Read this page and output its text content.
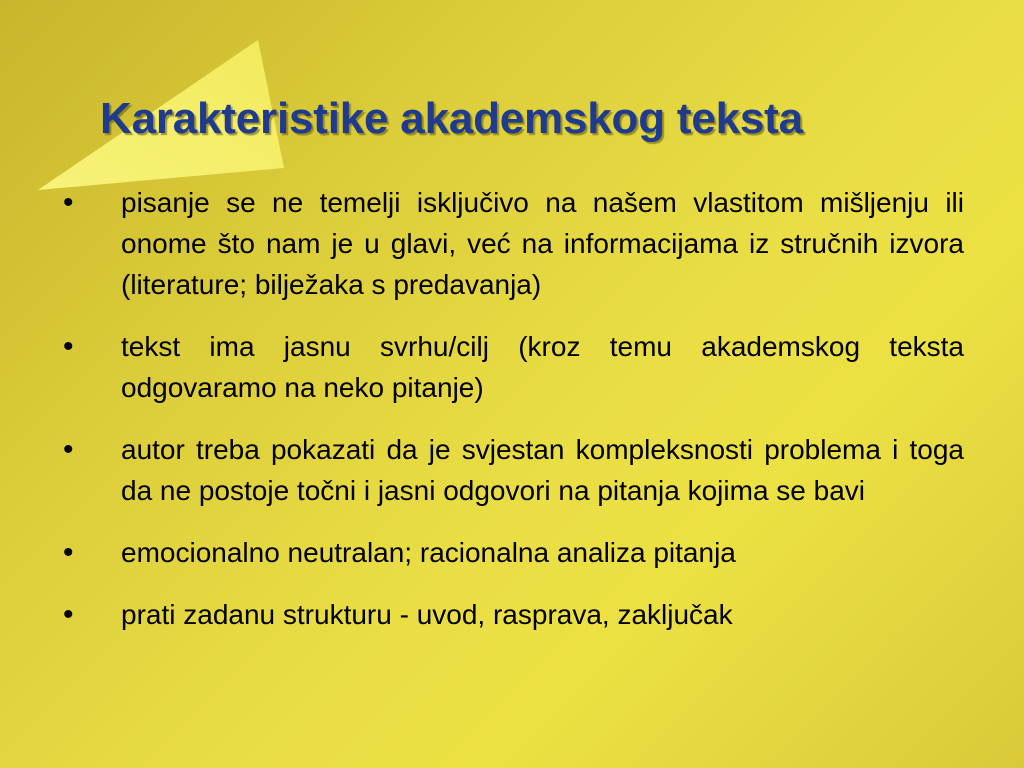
Karakteristike akademskog teksta
• pisanje se ne temelji isključivo na našem vlastitom mišljenju ili onome što nam je u glavi, već na informacijama iz stručnih izvora (literature; bilježaka s predavanja)
• tekst ima jasnu svrhu/cilj (kroz temu akademskog teksta odgovaramo na neko pitanje)
• autor treba pokazati da je svjestan kompleksnosti problema i toga da ne postoje točni i jasni odgovori na pitanja kojima se bavi
• emocionalno neutralan; racionalna analiza pitanja
• prati zadanu strukturu - uvod, rasprava, zaključak
